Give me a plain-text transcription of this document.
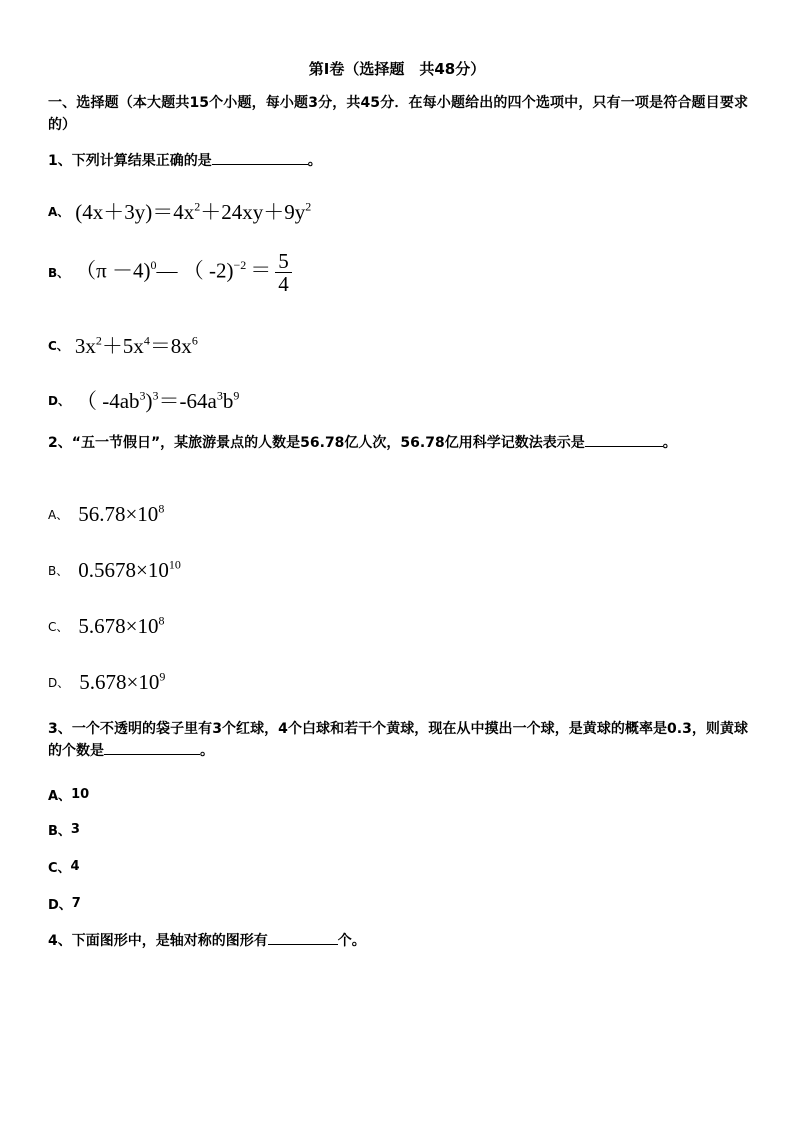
第Ⅰ卷（选择题　共48分）
一、选择题（本大题共15个小题，每小题3分，共45分．在每小题给出的四个选项中，只有一项是符合题目要求的）
1、下列计算结果正确的是	。
A、 $(4x+3y)=4x^2+24xy+9y^2$
B、 （π －4)$^0$— （ $-2)^{-2} = \frac{5}{4}$
C、 $3x^2+5x^4=8x^6$
D、 （ $-4ab^3)^3=-64a^3b^9$
2、“五一节假日”，某旅游景点的人数是56.78亿人次，56.78亿用科学记数法表示是	。
A、 $56.78\times 10^8$
B、 $0.5678\times 10^{10}$
C、 $5.678\times 10^8$
D、 $5.678\times 10^9$
3、一个不透明的袋子里有3个红球，4个白球和若干个黄球，现在从中摸出一个球，是黄球的概率是0.3，则黄球的个数是	。
A、 10
B、 3
C、 4
D、 7
4、下面图形中，是轴对称的图形有	个。
